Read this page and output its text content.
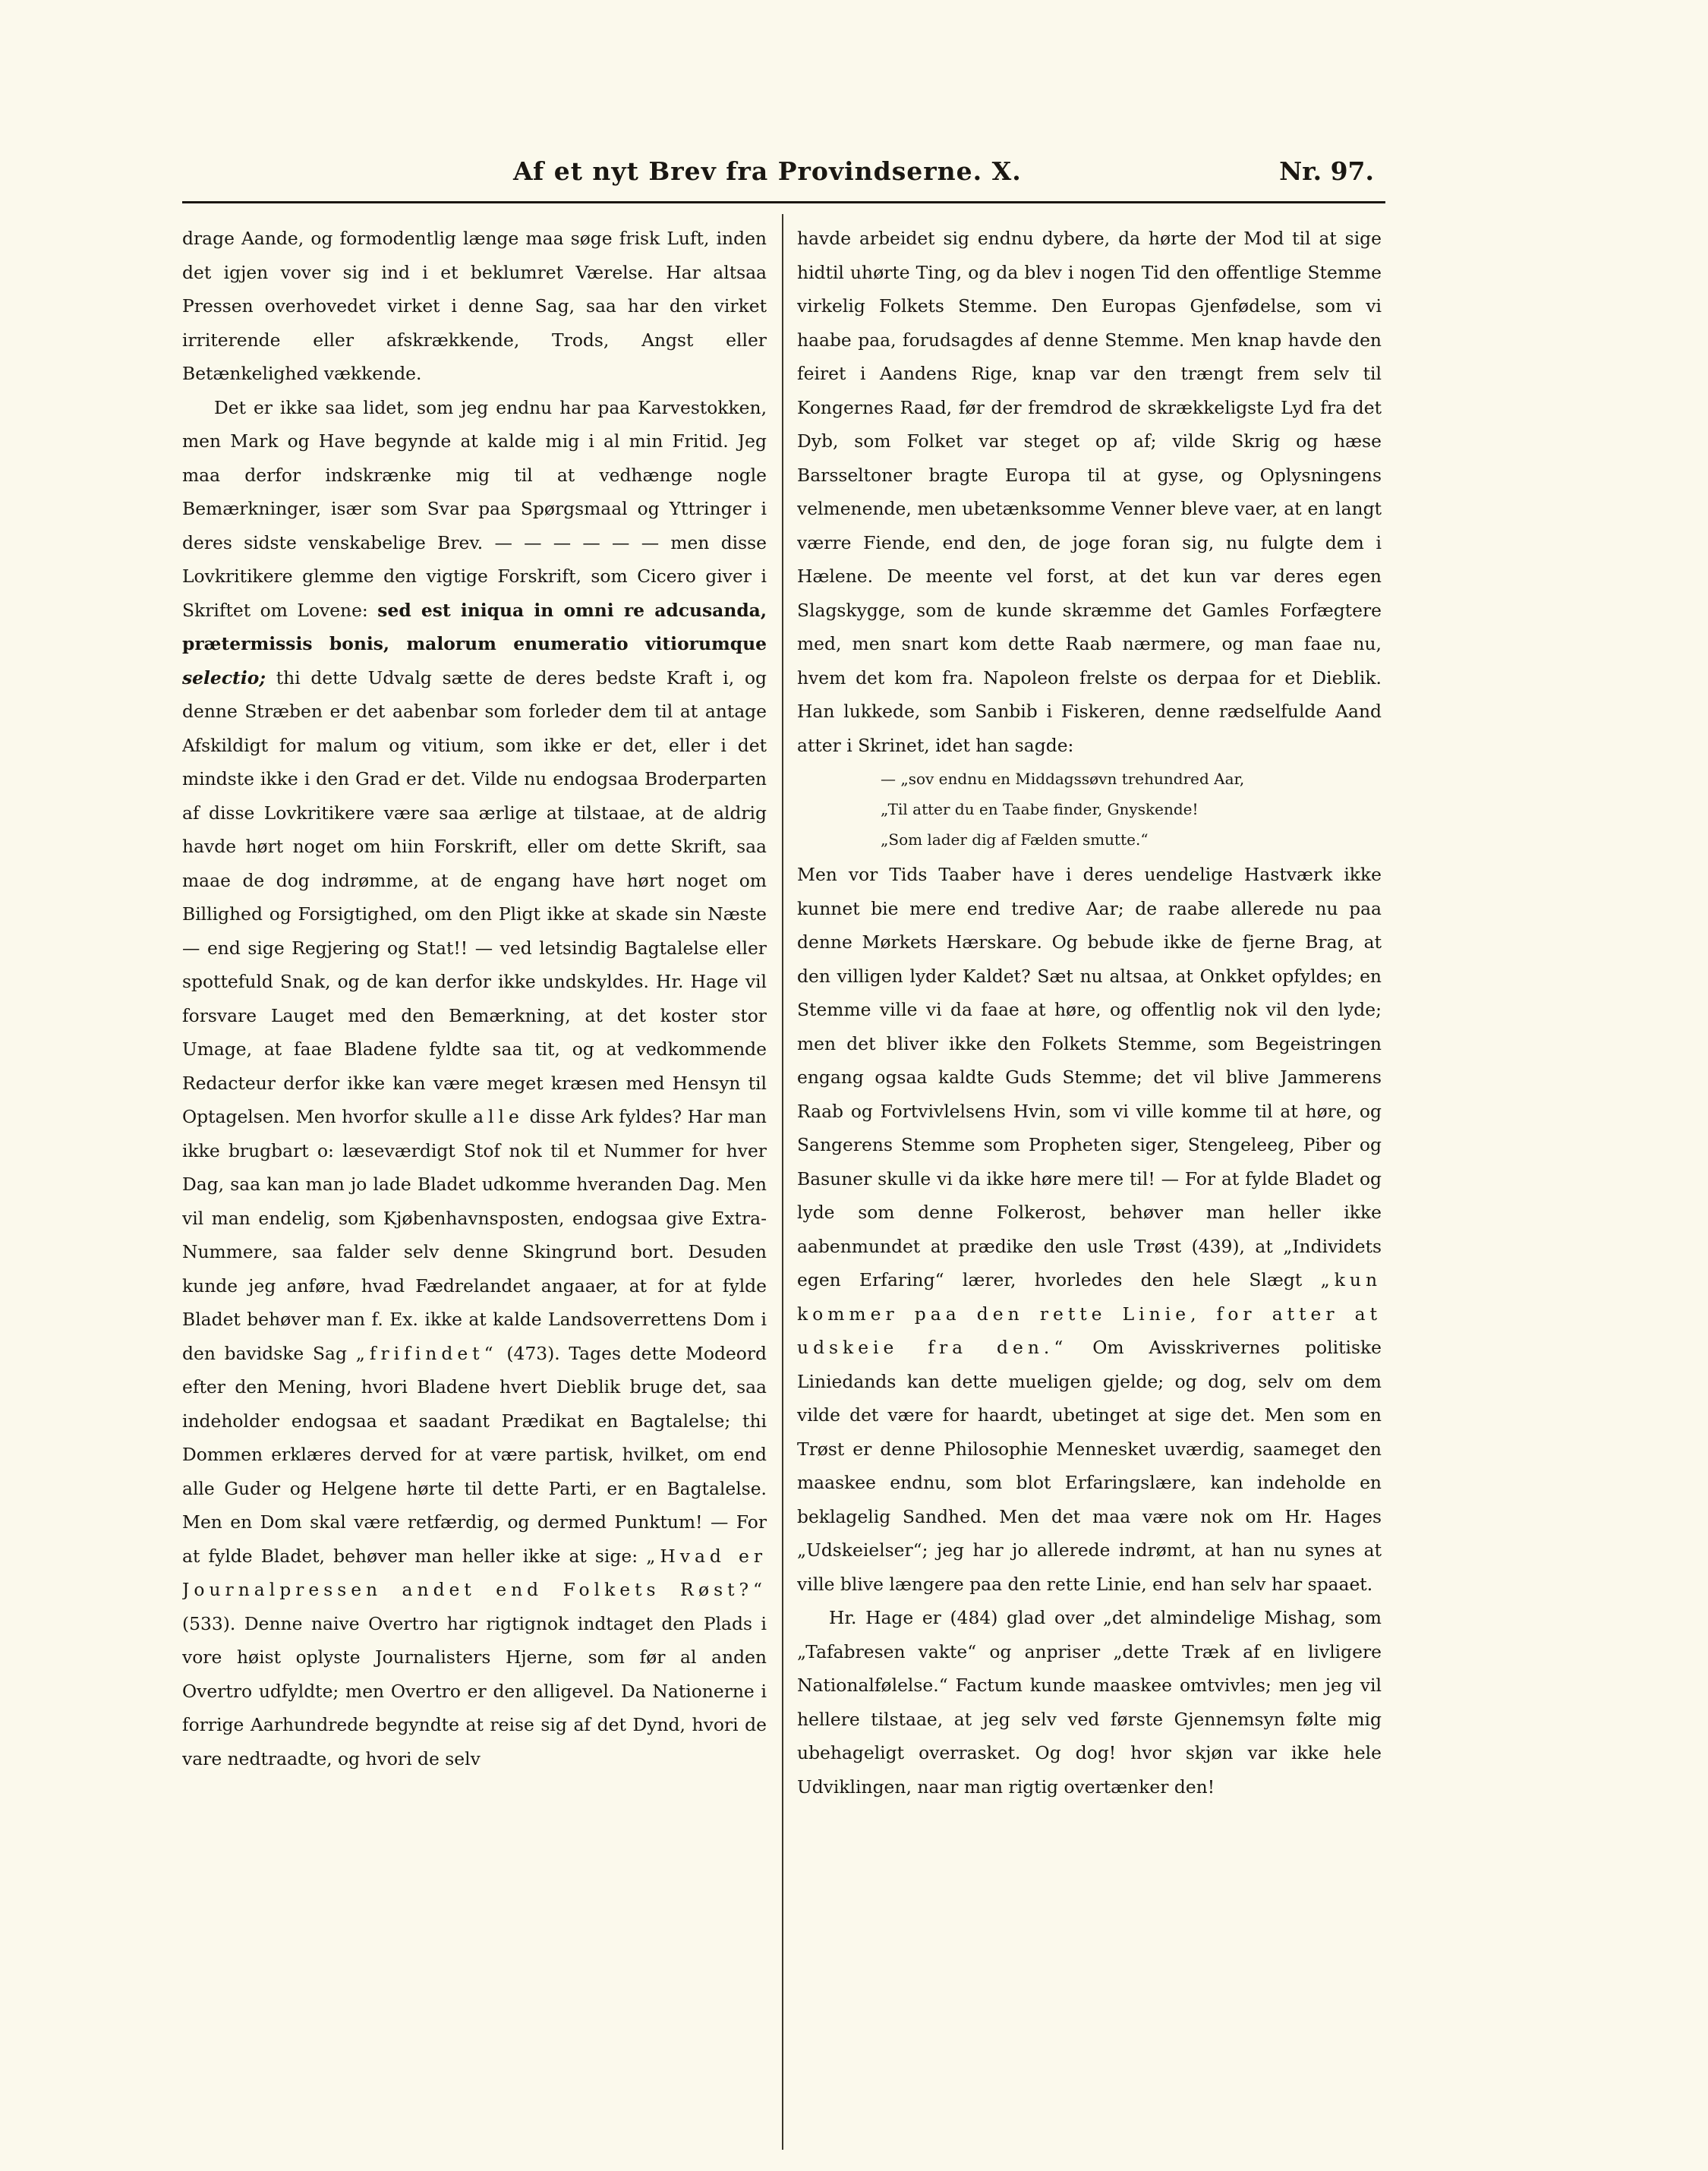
Af et nyt Brev fra Provindserne. X.	Nr. 97.

drage Aande, og formodentlig længe maa søge frisk Luft, inden det igjen vover sig ind i et beklumret Værelse. Har altsaa Pressen overhovedet virket i denne Sag, saa har den virket irriterende eller afskrækkende, Trods, Angst eller Betænkelighed vækkende.

Det er ikke saa lidet, som jeg endnu har paa Karvestokken, men Mark og Have begynde at kalde mig i al min Fritid. Jeg maa derfor indskrænke mig til at vedhænge nogle Bemærkninger, især som Svar paa Spørgsmaal og Yttringer i deres sidste venskabelige Brev. — — — — — — men disse Lovkritikere glemme den vigtige Forskrift, som Cicero giver i Skriftet om Lovene: sed est iniqua in omni re adcusanda, prætermissis bonis, malorum enumeratio vitiorumque selectio; thi dette Udvalg sætte de deres bedste Kraft i, og denne Stræben er det aabenbar som forleder dem til at antage Afskildigt for malum og vitium, som ikke er det, eller i det mindste ikke i den Grad er det. Vilde nu endogsaa Broderparten af disse Lovkritikere være saa ærlige at tilstaae, at de aldrig havde hørt noget om hiin Forskrift, eller om dette Skrift, saa maae de dog indrømme, at de engang have hørt noget om Billighed og Forsigtighed, om den Pligt ikke at skade sin Næste — end sige Regjering og Stat!! — ved letsindig Bagtalelse eller spottefuld Snak, og de kan derfor ikke undskyldes. Hr. Hage vil forsvare Lauget med den Bemærkning, at det koster stor Umage, at faae Bladene fyldte saa tit, og at vedkommende Redacteur derfor ikke kan være meget kræsen med Hensyn til Optagelsen. Men hvorfor skulle alle disse Ark fyldes? Har man ikke brugbart o: læseværdigt Stof nok til et Nummer for hver Dag, saa kan man jo lade Bladet udkomme hveranden Dag. Men vil man endelig, som Kjøbenhavnsposten, endogsaa give Extra-Nummere, saa falder selv denne Skingrund bort. Desuden kunde jeg anføre, hvad Fædrelandet angaaer, at for at fylde Bladet behøver man f. Ex. ikke at kalde Landsoverrettens Dom i den bavidske Sag „frifindet“ (473). Tages dette Modeord efter den Mening, hvori Bladene hvert Dieblik bruge det, saa indeholder endogsaa et saadant Prædikat en Bagtalelse; thi Dommen erklæres derved for at være partisk, hvilket, om end alle Guder og Helgene hørte til dette Parti, er en Bagtalelse. Men en Dom skal være retfærdig, og dermed Punktum! — For at fylde Bladet, behøver man heller ikke at sige: „Hvad er Journalpressen andet end Folkets Røst?“ (533). Denne naive Overtro har rigtignok indtaget den Plads i vore høist oplyste Journalisters Hjerne, som før al anden Overtro udfyldte; men Overtro er den alligevel. Da Nationerne i forrige Aarhundrede begyndte at reise sig af det Dynd, hvori de vare nedtraadte, og hvori de selv

havde arbeidet sig endnu dybere, da hørte der Mod til at sige hidtil uhørte Ting, og da blev i nogen Tid den offentlige Stemme virkelig Folkets Stemme. Den Europas Gjenfødelse, som vi haabe paa, forudsagdes af denne Stemme. Men knap havde den feiret i Aandens Rige, knap var den trængt frem selv til Kongernes Raad, før der fremdrod de skrækkeligste Lyd fra det Dyb, som Folket var steget op af; vilde Skrig og hæse Barsseltoner bragte Europa til at gyse, og Oplysningens velmenende, men ubetænksomme Venner bleve vaer, at en langt værre Fiende, end den, de joge foran sig, nu fulgte dem i Hælene. De meente vel forst, at det kun var deres egen Slagskygge, som de kunde skræmme det Gamles Forfægtere med, men snart kom dette Raab nærmere, og man faae nu, hvem det kom fra. Napoleon frelste os derpaa for et Dieblik. Han lukkede, som Sanbib i Fiskeren, denne rædselfulde Aand atter i Skrinet, idet han sagde:

— „sov endnu en Middagssøvn trehundred Aar,
„Til atter du en Taabe finder, Gnyskende!
„Som lader dig af Fælden smutte.“

Men vor Tids Taaber have i deres uendelige Hastværk ikke kunnet bie mere end tredive Aar; de raabe allerede nu paa denne Mørkets Hærskare. Og bebude ikke de fjerne Brag, at den villigen lyder Kaldet? Sæt nu altsaa, at Onkket opfyldes; en Stemme ville vi da faae at høre, og offentlig nok vil den lyde; men det bliver ikke den Folkets Stemme, som Begeistringen engang ogsaa kaldte Guds Stemme; det vil blive Jammerens Raab og Fortvivlelsens Hvin, som vi ville komme til at høre, og Sangerens Stemme som Propheten siger, Stengeleeg, Piber og Basuner skulle vi da ikke høre mere til! — For at fylde Bladet og lyde som denne Folkerost, behøver man heller ikke aabenmundet at prædike den usle Trøst (439), at „Individets egen Erfaring“ lærer, hvorledes den hele Slægt „kun kommer paa den rette Linie, for atter at udskeie fra den.“ Om Avisskrivernes politiske Liniedands kan dette mueligen gjelde; og dog, selv om dem vilde det være for haardt, ubetinget at sige det. Men som en Trøst er denne Philosophie Mennesket uværdig, saameget den maaskee endnu, som blot Erfaringslære, kan indeholde en beklagelig Sandhed. Men det maa være nok om Hr. Hages „Udskeielser“; jeg har jo allerede indrømt, at han nu synes at ville blive længere paa den rette Linie, end han selv har spaaet.

Hr. Hage er (484) glad over „det almindelige Mishag, som „Tafabresen vakte“ og anpriser „dette Træk af en livligere Nationalfølelse.“ Factum kunde maaskee omtvivles; men jeg vil hellere tilstaae, at jeg selv ved første Gjennemsyn følte mig ubehageligt overrasket. Og dog! hvor skjøn var ikke hele Udviklingen, naar man rigtig overtænker den!
